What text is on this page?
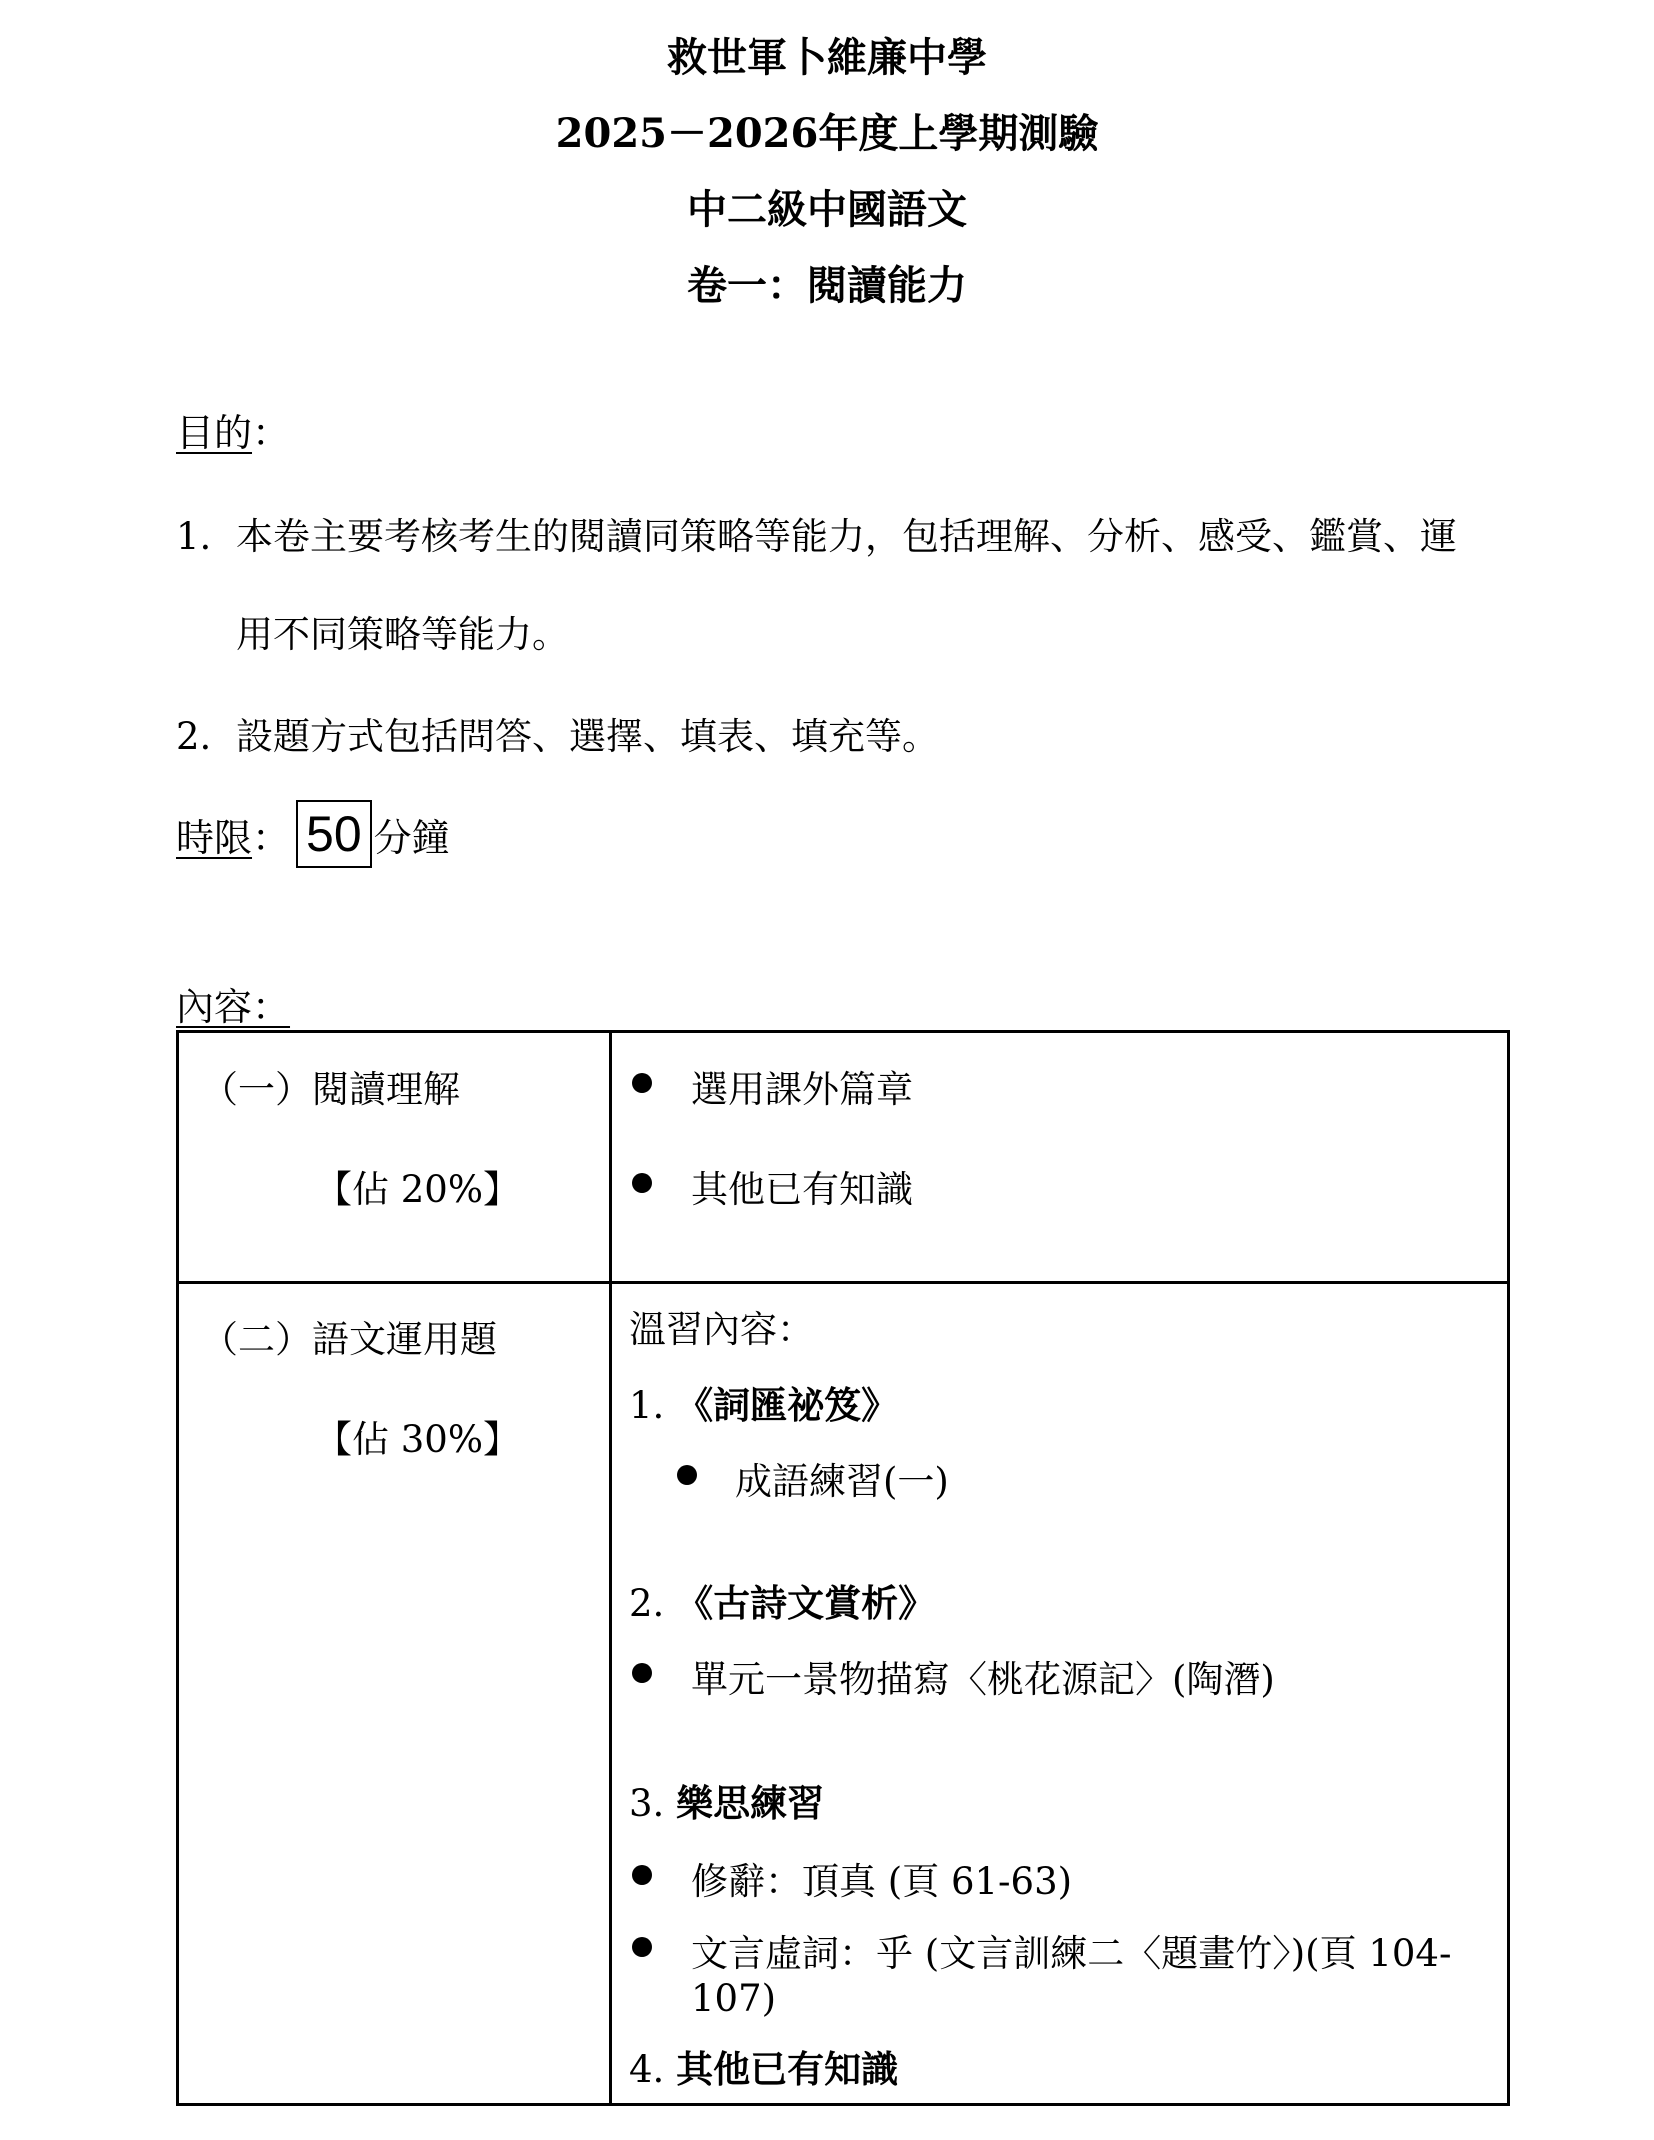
救世軍卜維廉中學
2025－2026年度上學期測驗
中二級中國語文
卷一：閱讀能力
目的：
1. 本卷主要考核考生的閱讀同策略等能力，包括理解、分析、感受、鑑賞、運
用不同策略等能力。
2. 設題方式包括問答、選擇、填表、填充等。
時限 ： 50 分鐘
內容：
（一）閱讀理解
【佔 20%】
選用課外篇章
其他已有知識
（二）語文運用題
【佔 30%】
溫習內容：
1. 《詞匯祕笈》
成語練習(一)
2. 《古詩文賞析》
單元一景物描寫〈桃花源記〉(陶潛)
3. 樂思練習
修辭：頂真 (頁 61-63)
文言虛詞：乎 (文言訓練二〈題畫竹〉)(頁 104-107)
4. 其他已有知識
